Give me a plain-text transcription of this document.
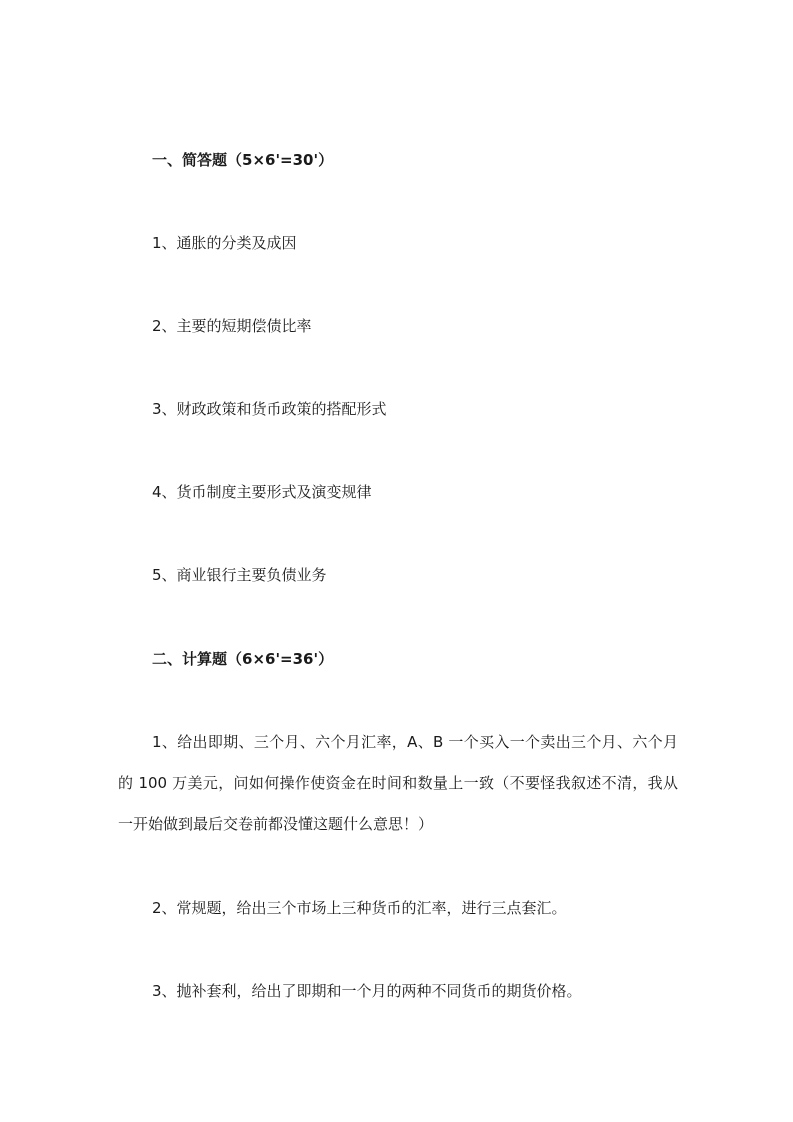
一、简答题（5×6'=30'）
1、通胀的分类及成因
2、主要的短期偿债比率
3、财政政策和货币政策的搭配形式
4、货币制度主要形式及演变规律
5、商业银行主要负债业务
二、计算题（6×6'=36'）
1、给出即期、三个月、六个月汇率，A、B 一个买入一个卖出三个月、六个月的 100 万美元，问如何操作使资金在时间和数量上一致（不要怪我叙述不清，我从一开始做到最后交卷前都没懂这题什么意思！）
2、常规题，给出三个市场上三种货币的汇率，进行三点套汇。
3、抛补套利，给出了即期和一个月的两种不同货币的期货价格。
